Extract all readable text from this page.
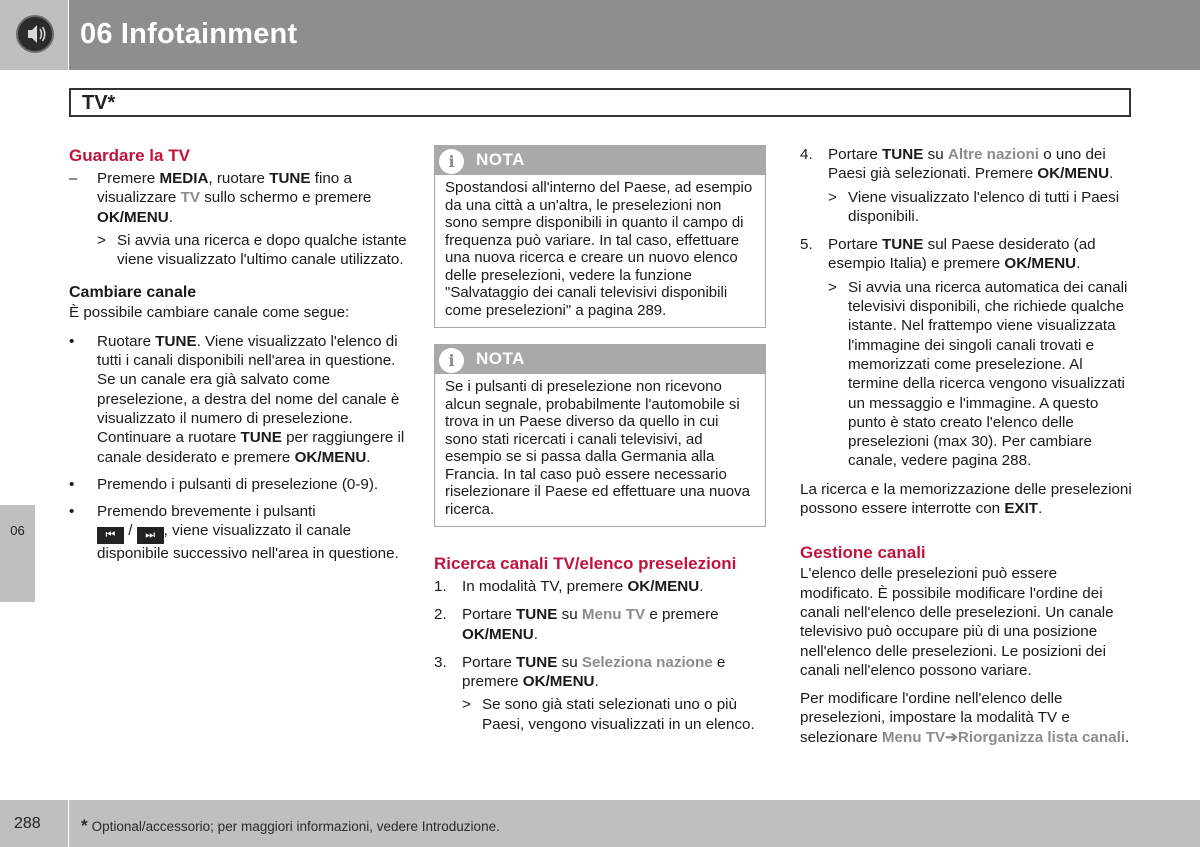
06 Infotainment
TV*
06
Guardare la TV
– Premere MEDIA, ruotare TUNE fino a visualizzare TV sullo schermo e premere OK/MENU.
> Si avvia una ricerca e dopo qualche istante viene visualizzato l'ultimo canale utilizzato.
Cambiare canale
È possibile cambiare canale come segue:
• Ruotare TUNE. Viene visualizzato l'elenco di tutti i canali disponibili nell'area in questione. Se un canale era già salvato come preselezione, a destra del nome del canale è visualizzato il numero di preselezione. Continuare a ruotare TUNE per raggiungere il canale desiderato e premere OK/MENU.
• Premendo i pulsanti di preselezione (0-9).
• Premendo brevemente i pulsanti
⏮ / ⏭ , viene visualizzato il canale disponibile successivo nell'area in questione.
i	NOTA
Spostandosi all'interno del Paese, ad esempio da una città a un'altra, le preselezioni non sono sempre disponibili in quanto il campo di frequenza può variare. In tal caso, effettuare una nuova ricerca e creare un nuovo elenco delle preselezioni, vedere la funzione "Salvataggio dei canali televisivi disponibili come preselezioni" a pagina 289.
i	NOTA
Se i pulsanti di preselezione non ricevono alcun segnale, probabilmente l'automobile si trova in un Paese diverso da quello in cui sono stati ricercati i canali televisivi, ad esempio se si passa dalla Germania alla Francia. In tal caso può essere necessario riselezionare il Paese ed effettuare una nuova ricerca.
Ricerca canali TV/elenco preselezioni
1. In modalità TV, premere OK/MENU.
2. Portare TUNE su Menu TV e premere OK/MENU.
3. Portare TUNE su Seleziona nazione e premere OK/MENU.
> Se sono già stati selezionati uno o più Paesi, vengono visualizzati in un elenco.
4. Portare TUNE su Altre nazioni o uno dei Paesi già selezionati. Premere OK/MENU.
> Viene visualizzato l'elenco di tutti i Paesi disponibili.
5. Portare TUNE sul Paese desiderato (ad esempio Italia) e premere OK/MENU.
> Si avvia una ricerca automatica dei canali televisivi disponibili, che richiede qualche istante. Nel frattempo viene visualizzata l'immagine dei singoli canali trovati e memorizzati come preselezione. Al termine della ricerca vengono visualizzati un messaggio e l'immagine. A questo punto è stato creato l'elenco delle preselezioni (max 30). Per cambiare canale, vedere pagina 288.
La ricerca e la memorizzazione delle preselezioni possono essere interrotte con EXIT.
Gestione canali
L'elenco delle preselezioni può essere modificato. È possibile modificare l'ordine dei canali nell'elenco delle preselezioni. Un canale televisivo può occupare più di una posizione nell'elenco delle preselezioni. Le posizioni dei canali nell'elenco possono variare.
Per modificare l'ordine nell'elenco delle preselezioni, impostare la modalità TV e selezionare Menu TV➔Riorganizza lista canali.
288 * Optional/accessorio; per maggiori informazioni, vedere Introduzione.
